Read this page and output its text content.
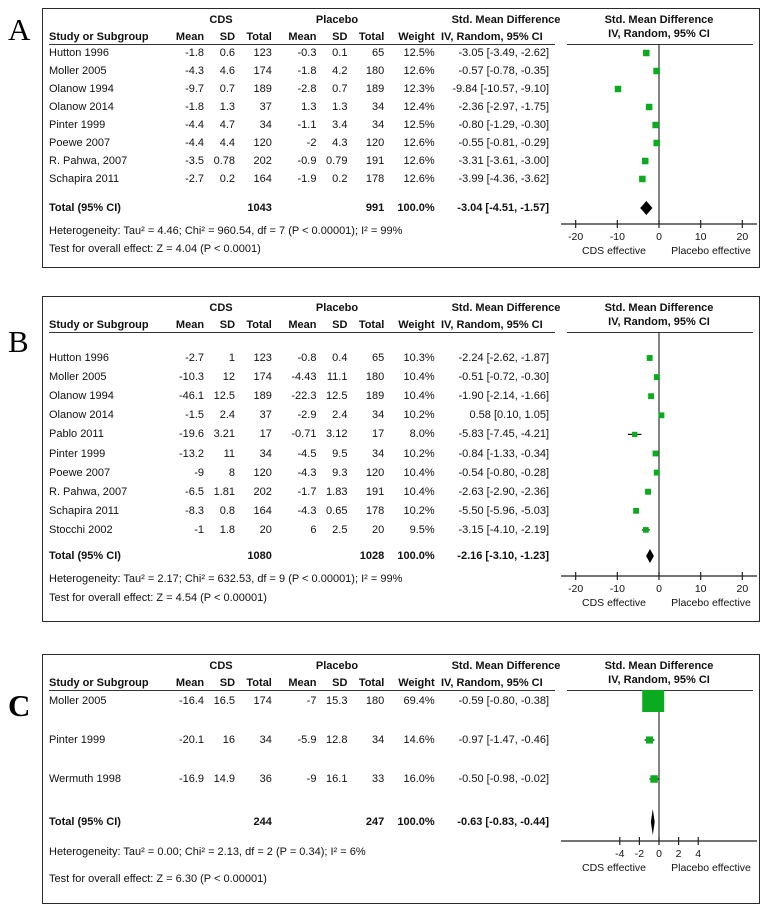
A	CDS	Placebo	Std. Mean Difference	Std. Mean Difference
IV, Random, 95% CI
Study or Subgroup	Mean	SD	Total	Mean	SD	Total	Weight IV, Random, 95% CI
Hutton 1996	-1.8	0.6	123	-0.3	0.1	65	12.5%	-3.05 [-3.49, -2.62]
Moller 2005	-4.3	4.6	174	-1.8	4.2	180	12.6%	-0.57 [-0.78, -0.35]
Olanow 1994	-9.7	0.7	189	-2.8	0.7	189	12.3%	-9.84 [-10.57, -9.10]
Olanow 2014	-1.8	1.3	37	1.3	1.3	34	12.4%	-2.36 [-2.97, -1.75]
Pinter 1999	-4.4	4.7	34	-1.1	3.4	34	12.5%	-0.80 [-1.29, -0.30]
Poewe 2007	-4.4	4.4	120	-2	4.3	120	12.6%	-0.55 [-0.81, -0.29]
R. Pahwa, 2007	-3.5 0.78	202	-0.9 0.79	191	12.6%	-3.31 [-3.61, -3.00]
Schapira 2011	-2.7	0.2	164	-1.9	0.2	178	12.6%	-3.99 [-4.36, -3.62]
Total (95% CI)	1043	991	100.0%	-3.04 [-4.51, -1.57]
Heterogeneity: Tau² = 4.46; Chi² = 960.54, df = 7 (P < 0.00001); I² = 99%
Test for overall effect: Z = 4.04 (P < 0.0001)
-20	-10	0	10	20
CDS effective Placebo effective
B
CDS	Placebo	Std. Mean Difference	Std. Mean Difference
IV, Random, 95% CI
Study or Subgroup	Mean	SD	Total	Mean	SD	Total	Weight IV, Random, 95% CI
Hutton 1996	-2.7	1	123	-0.8	0.4	65	10.3%	-2.24 [-2.62, -1.87]
Moller 2005	-10.3	12	174	-4.43 11.1	180	10.4%	-0.51 [-0.72, -0.30]
Olanow 1994	-46.1 12.5	189	-22.3 12.5	189	10.4%	-1.90 [-2.14, -1.66]
Olanow 2014	-1.5	2.4	37	-2.9	2.4	34	10.2%	0.58 [0.10, 1.05]
Pablo 2011	-19.6 3.21	17	-0.71 3.12	17	8.0%	-5.83 [-7.45, -4.21]
Pinter 1999	-13.2	11	34	-4.5	9.5	34	10.2%	-0.84 [-1.33, -0.34]
Poewe 2007	-9	8	120	-4.3	9.3	120	10.4%	-0.54 [-0.80, -0.28]
R. Pahwa, 2007	-6.5 1.81	202	-1.7 1.83	191	10.4%	-2.63 [-2.90, -2.36]
Schapira 2011	-8.3	0.8	164	-4.3 0.65	178	10.2%	-5.50 [-5.96, -5.03]
Stocchi 2002	-1	1.8	20	6	2.5	20	9.5%	-3.15 [-4.10, -2.19]
Total (95% CI)	1080	1028	100.0%	-2.16 [-3.10, -1.23]
Heterogeneity: Tau² = 2.17; Chi² = 632.53, df = 9 (P < 0.00001); I² = 99%
Test for overall effect: Z = 4.54 (P < 0.00001)
-20	-10	0	10	20
CDS effective Placebo effective
C
CDS	Placebo	Std. Mean Difference	Std. Mean Difference
IV, Random, 95% CI
Study or Subgroup	Mean	SD	Total	Mean	SD	Total	Weight IV, Random, 95% CI
Moller 2005	-16.4 16.5	174	-7 15.3	180	69.4%	-0.59 [-0.80, -0.38]
Pinter 1999	-20.1	16	34	-5.9 12.8	34	14.6%	-0.97 [-1.47, -0.46]
Wermuth 1998	-16.9 14.9	36	-9 16.1	33	16.0%	-0.50 [-0.98, -0.02]
Total (95% CI)	244	247	100.0%	-0.63 [-0.83, -0.44]
Heterogeneity: Tau² = 0.00; Chi² = 2.13, df = 2 (P = 0.34); I² = 6%
Test for overall effect: Z = 6.30 (P < 0.00001)
-4 -2 0 2 4
CDS effective Placebo effective
